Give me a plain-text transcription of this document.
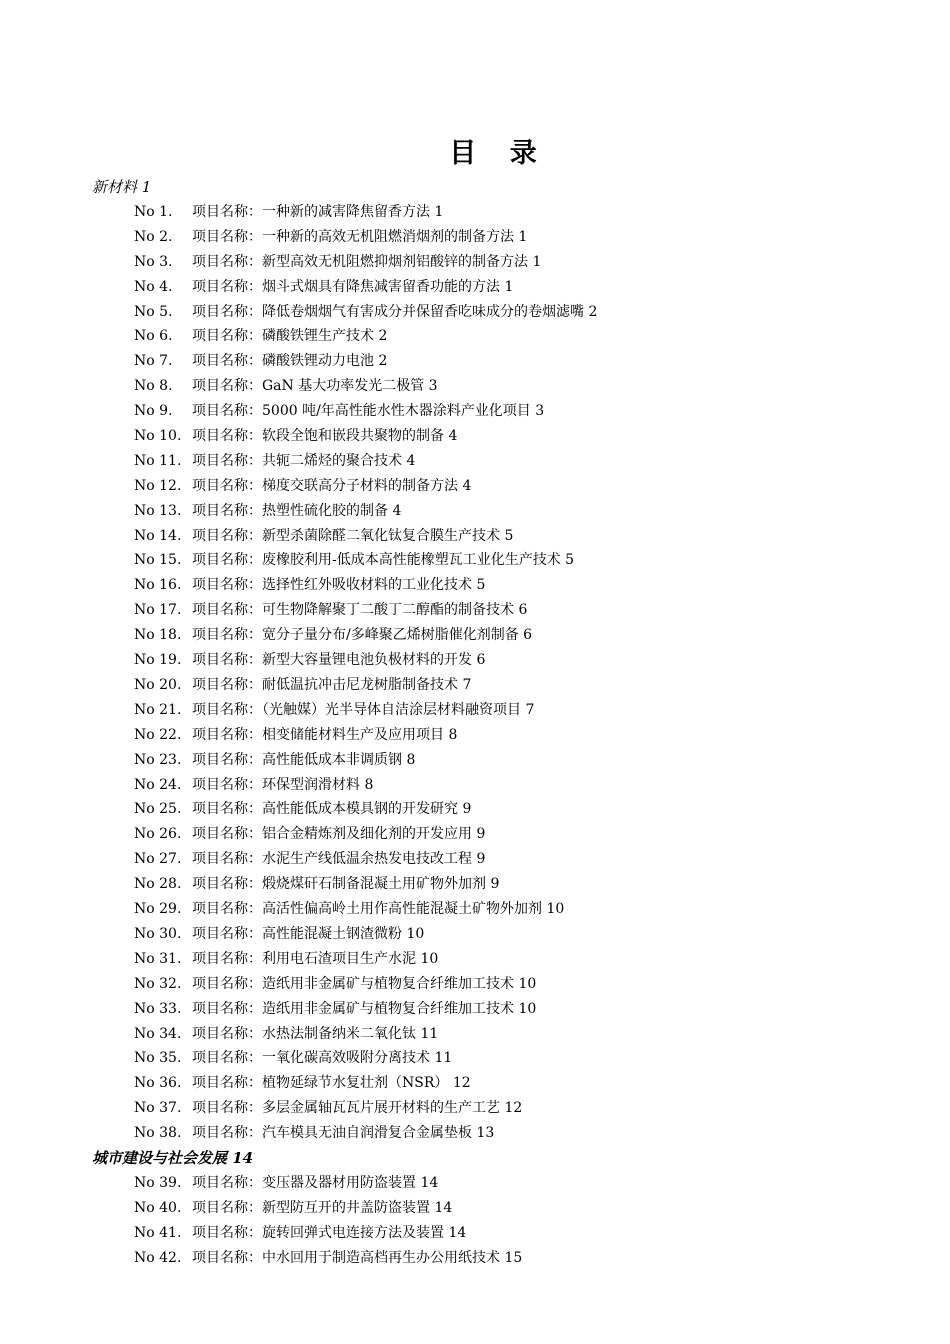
目 录
新材料 1
No 1. 项目名称：一种新的减害降焦留香方法 1
No 2. 项目名称：一种新的高效无机阻燃消烟剂的制备方法 1
No 3. 项目名称：新型高效无机阻燃抑烟剂铝酸锌的制备方法 1
No 4. 项目名称：烟斗式烟具有降焦减害留香功能的方法 1
No 5. 项目名称：降低卷烟烟气有害成分并保留香吃味成分的卷烟滤嘴 2
No 6. 项目名称：磷酸铁锂生产技术 2
No 7. 项目名称：磷酸铁锂动力电池 2
No 8. 项目名称：GaN 基大功率发光二极管 3
No 9. 项目名称：5000 吨/年高性能水性木器涂料产业化项目 3
No 10. 项目名称：软段全饱和嵌段共聚物的制备 4
No 11. 项目名称：共轭二烯烃的聚合技术 4
No 12. 项目名称：梯度交联高分子材料的制备方法 4
No 13. 项目名称：热塑性硫化胶的制备 4
No 14. 项目名称：新型杀菌除醛二氧化钛复合膜生产技术 5
No 15. 项目名称：废橡胶利用-低成本高性能橡塑瓦工业化生产技术 5
No 16. 项目名称：选择性红外吸收材料的工业化技术 5
No 17. 项目名称：可生物降解聚丁二酸丁二醇酯的制备技术 6
No 18. 项目名称：宽分子量分布/多峰聚乙烯树脂催化剂制备 6
No 19. 项目名称：新型大容量锂电池负极材料的开发 6
No 20. 项目名称：耐低温抗冲击尼龙树脂制备技术 7
No 21. 项目名称：（光触媒）光半导体自洁涂层材料融资项目 7
No 22. 项目名称：相变储能材料生产及应用项目 8
No 23. 项目名称：高性能低成本非调质钢 8
No 24. 项目名称：环保型润滑材料 8
No 25. 项目名称：高性能低成本模具钢的开发研究 9
No 26. 项目名称：铝合金精炼剂及细化剂的开发应用 9
No 27. 项目名称：水泥生产线低温余热发电技改工程 9
No 28. 项目名称：煅烧煤矸石制备混凝土用矿物外加剂 9
No 29. 项目名称：高活性偏高岭土用作高性能混凝土矿物外加剂 10
No 30. 项目名称：高性能混凝土钢渣微粉 10
No 31. 项目名称：利用电石渣项目生产水泥 10
No 32. 项目名称：造纸用非金属矿与植物复合纤维加工技术 10
No 33. 项目名称：造纸用非金属矿与植物复合纤维加工技术 10
No 34. 项目名称：水热法制备纳米二氧化钛 11
No 35. 项目名称：一氧化碳高效吸附分离技术 11
No 36. 项目名称：植物延绿节水复壮剂（NSR） 12
No 37. 项目名称：多层金属轴瓦瓦片展开材料的生产工艺 12
No 38. 项目名称：汽车模具无油自润滑复合金属垫板 13
城市建设与社会发展 14
No 39. 项目名称：变压器及器材用防盗装置 14
No 40. 项目名称：新型防互开的井盖防盗装置 14
No 41. 项目名称：旋转回弹式电连接方法及装置 14
No 42. 项目名称：中水回用于制造高档再生办公用纸技术 15
